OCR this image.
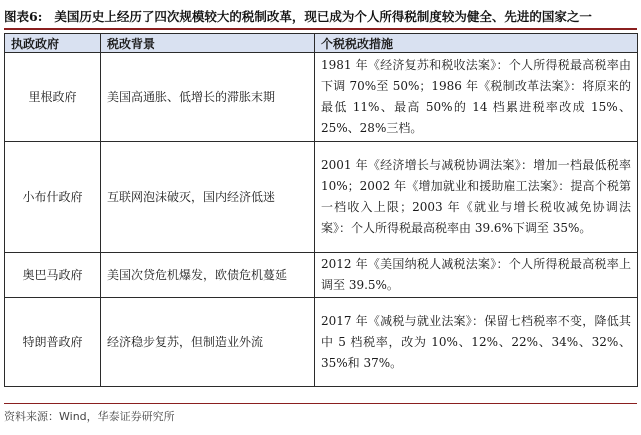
图表6: 美国历史上经历了四次规模较大的税制改革，现已成为个人所得税制度较为健全、先进的国家之一
执政政府	税改背景	个税税改措施
里根政府	美国高通胀、低增长的滞胀末期	1981 年《经济复苏和税收法案》：个人所得税最高税率由下调 70%至 50%；1986 年《税制改革法案》：将原来的最低 11%、最高 50%的 14 档累进税率改成 15%、25%、28%三档。
小布什政府	互联网泡沫破灭，国内经济低迷	2001 年《经济增长与减税协调法案》：增加一档最低税率 10%；2002 年《增加就业和援助雇工法案》：提高个税第一档收入上限；2003 年《就业与增长税收减免协调法案》：个人所得税最高税率由 39.6%下调至 35%。
奥巴马政府	美国次贷危机爆发，欧债危机蔓延	2012 年《美国纳税人减税法案》：个人所得税最高税率上调至 39.5%。
特朗普政府	经济稳步复苏，但制造业外流	2017 年《减税与就业法案》：保留七档税率不变，降低其中 5 档税率，改为 10%、12%、22%、34%、32%、35%和 37%。
资料来源：Wind，华泰证券研究所
